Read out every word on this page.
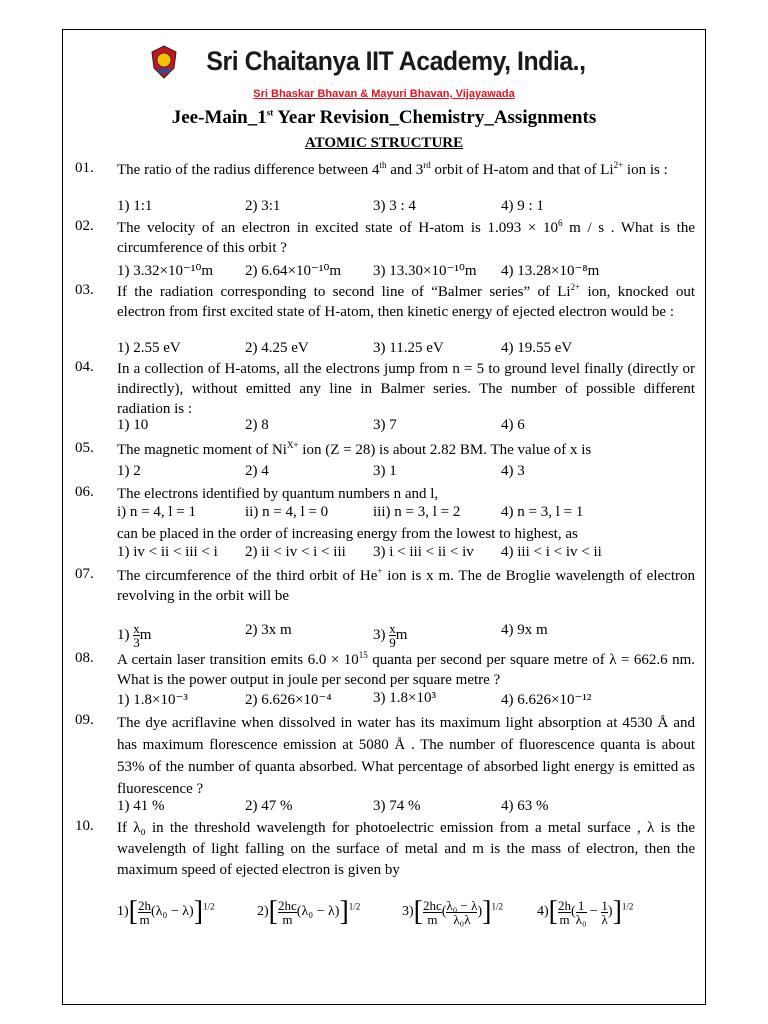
Sri Chaitanya IIT Academy, India.,
Sri Bhaskar Bhavan & Mayuri Bhavan, Vijayawada
Jee-Main_1st Year Revision_Chemistry_Assignments
ATOMIC STRUCTURE
01.	The ratio of the radius difference between 4th and 3rd orbit of H-atom and that of $Li^{2+}$ ion is :
1) 1:1	2) 3:1	3) 3 : 4	4) 9 : 1
02.	The velocity of an electron in excited state of H-atom is $1.093 \times 10^6$ m / s . What is the circumference of this orbit ?
1) 3.32×10⁻¹⁰m 2) 6.64×10⁻¹⁰m 3) 13.30×10⁻¹⁰m 4) 13.28×10⁻⁸m
03.	If the radiation corresponding to second line of “Balmer series” of $Li^{2+}$ ion, knocked out electron from first excited state of H-atom, then kinetic energy of ejected electron would be :
1) 2.55 eV	2) 4.25 eV	3) 11.25 eV	4) 19.55 eV
04.	In a collection of H-atoms, all the electrons jump from n = 5 to ground level finally (directly or indirectly), without emitted any line in Balmer series. The number of possible different radiation is :
1) 10	2) 8	3) 7	4) 6
05.	The magnetic moment of $Ni^{X+}$ ion (Z = 28) is about 2.82 BM. The value of x is
1) 2	2) 4	3) 1	4) 3
06.	The electrons identified by quantum numbers n and l,
i) n = 4, l = 1	ii) n = 4, l = 0	iii) n = 3, l = 2	4) n = 3, l = 1
can be placed in the order of increasing energy from the lowest to highest, as
1) iv < ii < iii < i 2) ii < iv < i < iii 3) i < iii < ii < iv 4) iii < i < iv < ii
07.	The circumference of the third orbit of He+ ion is x m. The de Broglie wavelength of electron revolving in the orbit will be
$1) \frac{x}{3}$ m	2) 3x m	$3) \frac{x}{9}$ m	4) 9x m
08.	A certain laser transition emits $6.0 \times 10^{15}$ quanta per second per square metre of λ = 662.6 nm. What is the power output in joule per second per square metre ?
1) 1.8×10⁻³	2) 6.626×10⁻⁴	3) 1.8×10³	4) 6.626×10⁻¹²
09.	The dye acriflavine when dissolved in water has its maximum light absorption at 4530 Å and has maximum florescence emission at 5080 Å . The number of fluorescence quanta is about 53% of the number of quanta absorbed. What percentage of absorbed light energy is emitted as fluorescence ?
1) 41 %	2) 47 %	3) 74 %	4) 63 %
10.	If λ₀ in the threshold wavelength for photoelectric emission from a metal surface , λ is the wavelength of light falling on the surface of metal and m is the mass of electron, then the maximum speed of ejected electron is given by
$1)[ \frac{2h}{m} (\lambda_0 - \lambda)]^{1/2}$	$2)[ \frac{2hc}{m} (\lambda_0 - \lambda)]^{1/2}$	$3)[ \frac{2hc}{m}$ ( $\frac{\text{λ₀ − λ}}{\text{λ₀λ}} )]^{1/2}$ $4)[ \frac{2h}{m}$ ( $\frac{1}{\text{λ₀}} - \frac{1}{\lambda} )]^{1/2}$
